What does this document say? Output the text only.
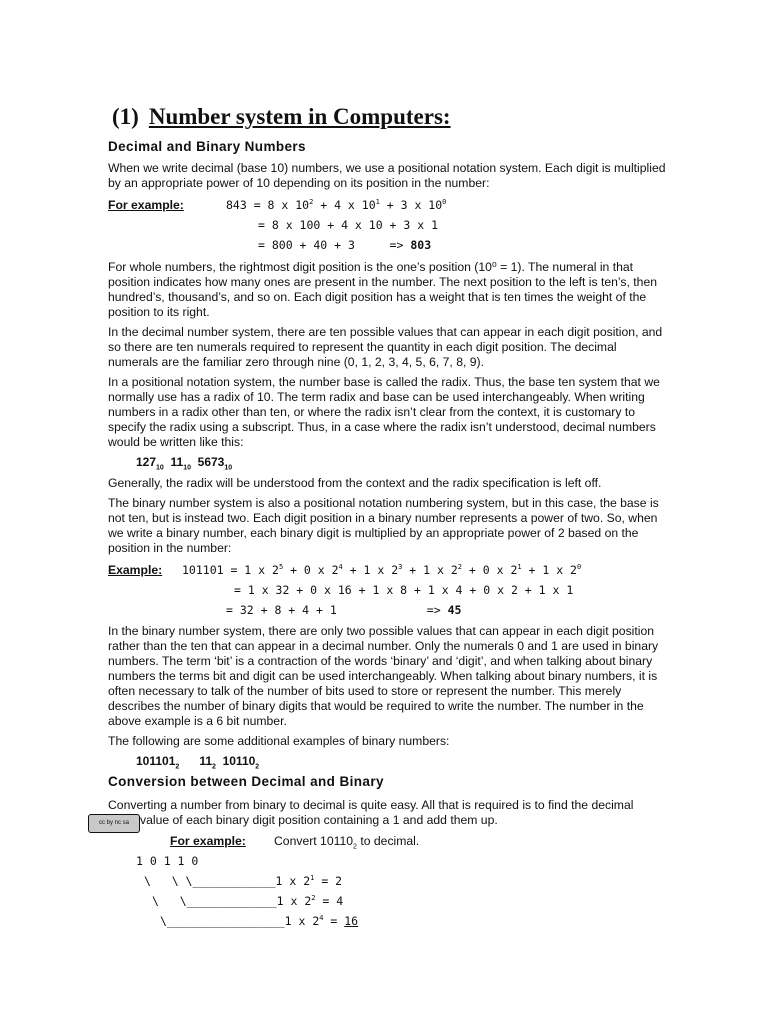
(1) Number system in Computers:
Decimal and Binary Numbers

When we write decimal (base 10) numbers, we use a positional notation system. Each digit is multiplied by an appropriate power of 10 depending on its position in the number:

For example:	843 = 8 x $10^2 + 4$ x $10^1 + 3$ x $10^0$
= 8 x 100 + 4 x 10 + 3 x 1
= 800 + 40 + 3     => 803

For whole numbers, the rightmost digit position is the one’s position (10⁰ = 1). The numeral in that position indicates how many ones are present in the number. The next position to the left is ten’s, then hundred’s, thousand’s, and so on. Each digit position has a weight that is ten times the weight of the position to its right.

In the decimal number system, there are ten possible values that can appear in each digit position, and so there are ten numerals required to represent the quantity in each digit position. The decimal numerals are the familiar zero through nine (0, 1, 2, 3, 4, 5, 6, 7, 8, 9).

In a positional notation system, the number base is called the radix. Thus, the base ten system that we normally use has a radix of 10. The term radix and base can be used interchangeably. When writing numbers in a radix other than ten, or where the radix isn’t clear from the context, it is customary to specify the radix using a subscript. Thus, in a case where the radix isn’t understood, decimal numbers would be written like this:

$127_{10}$ $11_{10}$ $5673_{10}$

Generally, the radix will be understood from the context and the radix specification is left off.

The binary number system is also a positional notation numbering system, but in this case, the base is not ten, but is instead two. Each digit position in a binary number represents a power of two. So, when we write a binary number, each binary digit is multiplied by an appropriate power of 2 based on the position in the number:

Example: 101101 = 1 x $2^5 + 0$ x $2^4 + 1$ x $2^3 + 1$ x $2^2 + 0$ x $2^1 + 1$ x $2^0$
= 1 x 32 + 0 x 16 + 1 x 8 + 1 x 4 + 0 x 2 + 1 x 1
= 32 + 8 + 4 + 1             => 45

In the binary number system, there are only two possible values that can appear in each digit position rather than the ten that can appear in a decimal number. Only the numerals 0 and 1 are used in binary numbers. The term ‘bit’ is a contraction of the words ‘binary’ and ‘digit’, and when talking about binary numbers the terms bit and digit can be used interchangeably. When talking about binary numbers, it is often necessary to talk of the number of bits used to store or represent the number. This merely describes the number of binary digits that would be required to write the number. The number in the above example is a 6 bit number.

The following are some additional examples of binary numbers:

$101101_2$ $11_2$ $10110_2$
Conversion between Decimal and Binary

Converting a number from binary to decimal is quite easy. All that is required is to find the decimal

value of each binary digit position containing a 1 and add them up.

cc by nc sa
For example: Convert $10110_2$ to decimal.
1 0 1 1 0
\   \ \____________1 x $2^1 = 2$
\   \_____________1 x $2^2 = 4$
\_________________1 x $2^4 = 16$
